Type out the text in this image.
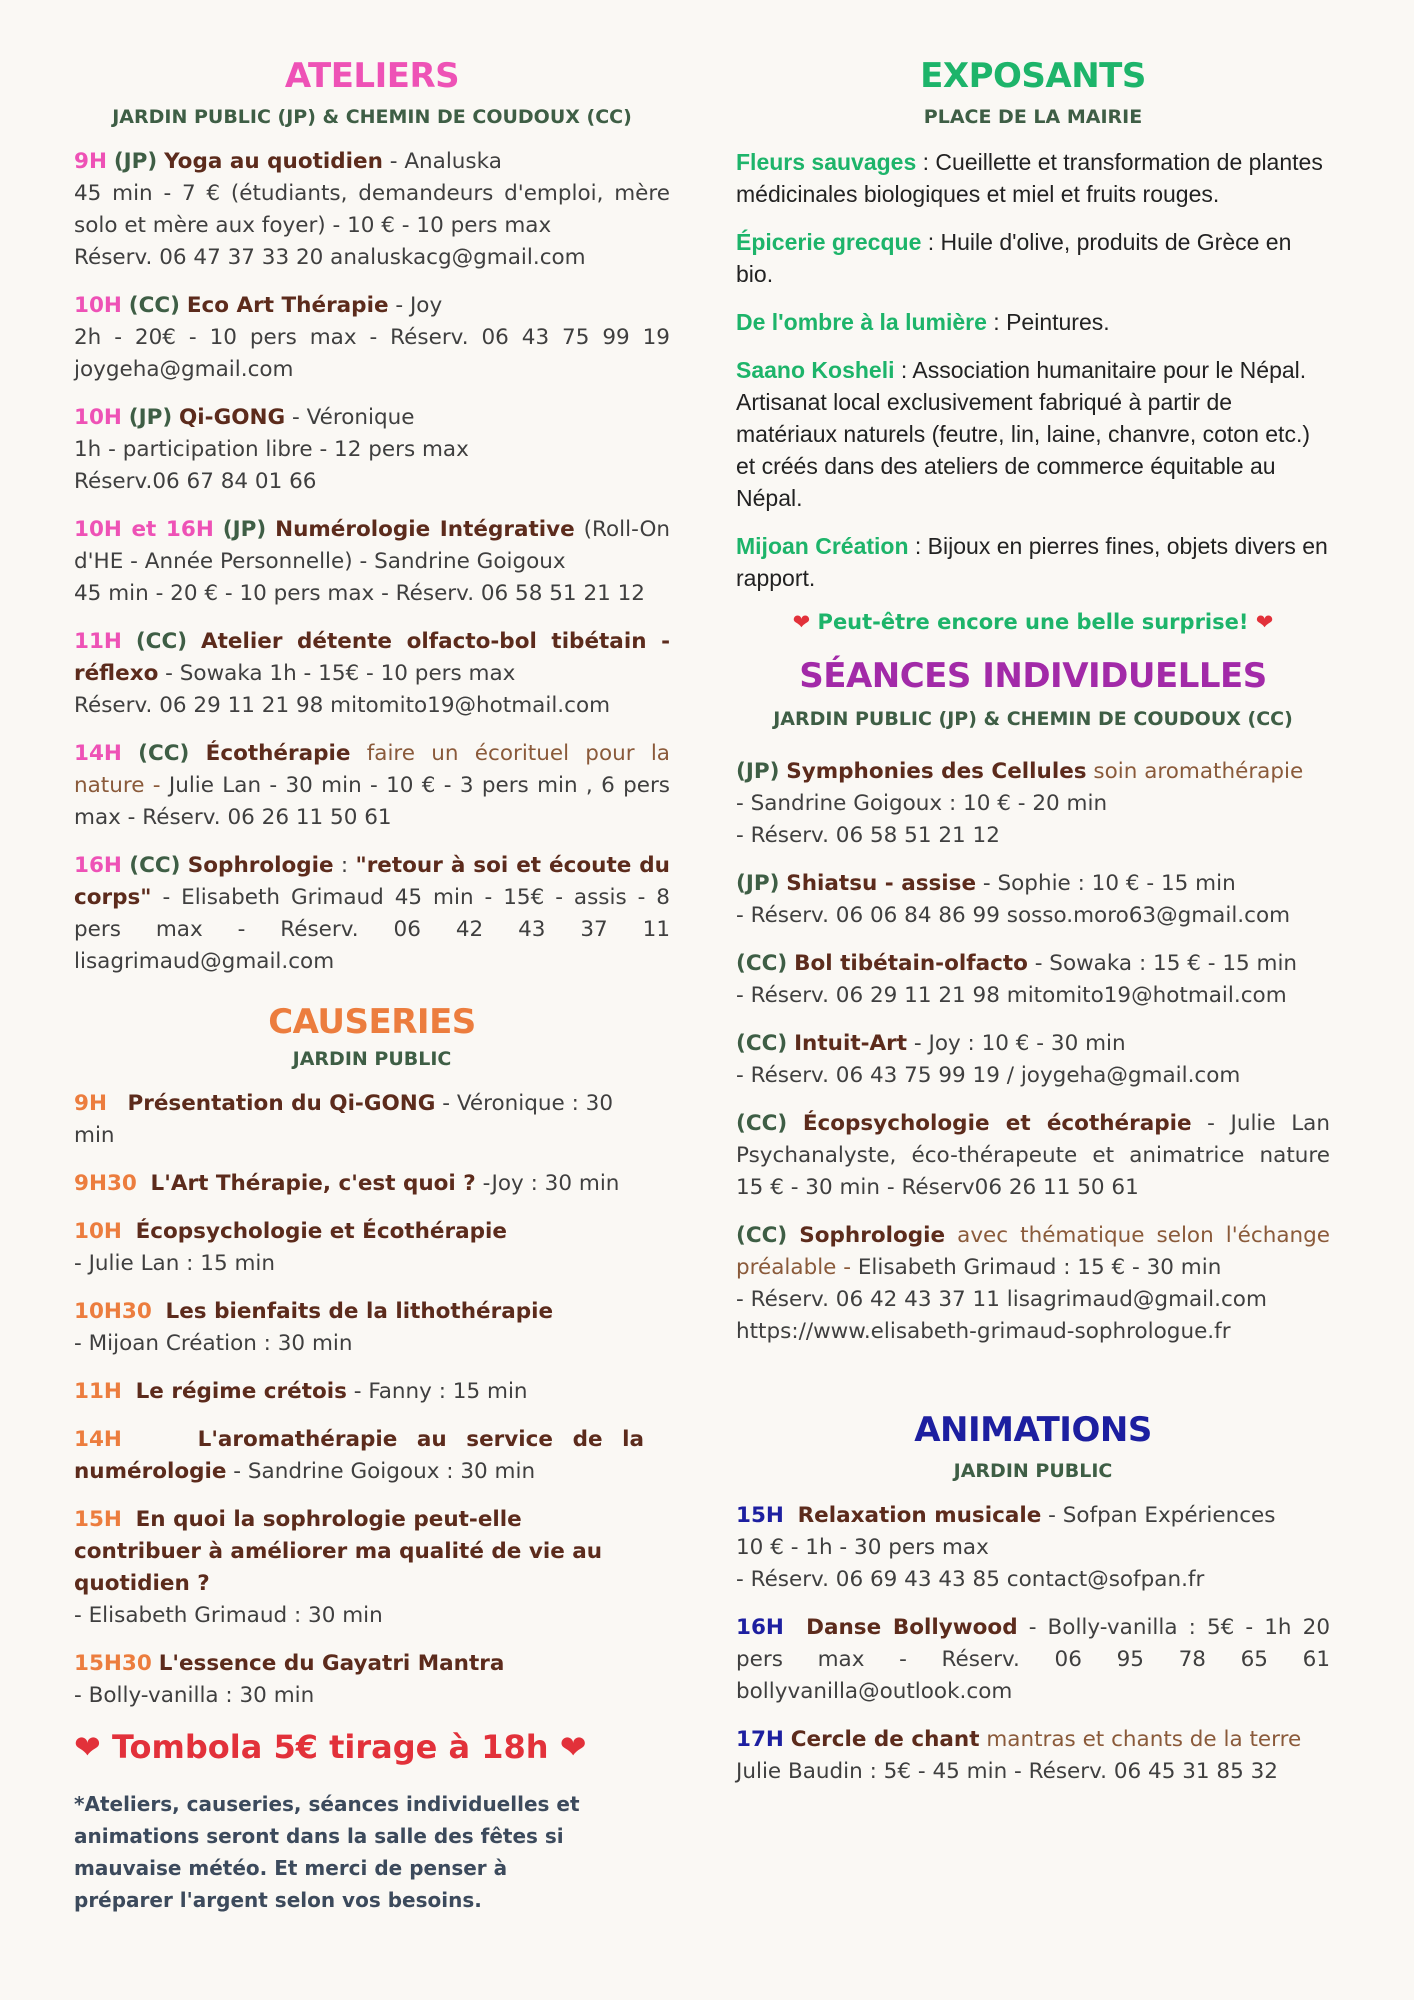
ATELIERS
JARDIN PUBLIC (JP) & CHEMIN DE COUDOUX (CC)
9H (JP) Yoga au quotidien - Analuska
45 min - 7 € (étudiants, demandeurs d'emploi, mère solo et mère aux foyer) - 10 € - 10 pers max
Réserv. 06 47 37 33 20 analuskacg@gmail.com
10H (CC) Eco Art Thérapie - Joy
2h - 20€ - 10 pers max - Réserv. 06 43 75 99 19 joygeha@gmail.com
10H (JP) Qi-GONG - Véronique
1h - participation libre - 12 pers max
Réserv.06 67 84 01 66
10H et 16H (JP) Numérologie Intégrative (Roll-On d'HE - Année Personnelle) - Sandrine Goigoux
45 min - 20 € - 10 pers max - Réserv. 06 58 51 21 12
11H (CC) Atelier détente olfacto-bol tibétain - réflexo - Sowaka 1h - 15€ - 10 pers max
Réserv. 06 29 11 21 98 mitomito19@hotmail.com
14H (CC) Écothérapie faire un écorituel pour la nature - Julie Lan - 30 min - 10 € - 3 pers min , 6 pers max - Réserv. 06 26 11 50 61
16H (CC) Sophrologie : "retour à soi et écoute du corps" - Elisabeth Grimaud 45 min - 15€ - assis - 8 pers max - Réserv. 06 42 43 37 11 lisagrimaud@gmail.com
CAUSERIES
JARDIN PUBLIC
9H Présentation du Qi-GONG - Véronique : 30 min
9H30 L'Art Thérapie, c'est quoi ? -Joy : 30 min
10H Écopsychologie et Écothérapie
- Julie Lan : 15 min
10H30 Les bienfaits de la lithothérapie
- Mijoan Création : 30 min
11H Le régime crétois - Fanny : 15 min
14H	L'aromathérapie au service de la numérologie - Sandrine Goigoux : 30 min
15H En quoi la sophrologie peut-elle contribuer à améliorer ma qualité de vie au quotidien ?
- Elisabeth Grimaud : 30 min
15H30 L'essence du Gayatri Mantra
- Bolly-vanilla : 30 min
❤ Tombola 5€ tirage à 18h ❤
*Ateliers, causeries, séances individuelles et animations seront dans la salle des fêtes si mauvaise météo. Et merci de penser à préparer l'argent selon vos besoins.
EXPOSANTS
PLACE DE LA MAIRIE
Fleurs sauvages : Cueillette et transformation de plantes médicinales biologiques et miel et fruits rouges.
Épicerie grecque : Huile d'olive, produits de Grèce en bio.
De l'ombre à la lumière : Peintures.
Saano Kosheli : Association humanitaire pour le Népal. Artisanat local exclusivement fabriqué à partir de matériaux naturels (feutre, lin, laine, chanvre, coton etc.) et créés dans des ateliers de commerce équitable au Népal.
Mijoan Création : Bijoux en pierres fines, objets divers en rapport.
❤ Peut-être encore une belle surprise! ❤
SÉANCES INDIVIDUELLES
JARDIN PUBLIC (JP) & CHEMIN DE COUDOUX (CC)
(JP) Symphonies des Cellules soin aromathérapie
- Sandrine Goigoux : 10 € - 20 min
- Réserv. 06 58 51 21 12
(JP) Shiatsu - assise - Sophie : 10 € - 15 min
- Réserv. 06 06 84 86 99 sosso.moro63@gmail.com
(CC) Bol tibétain-olfacto - Sowaka : 15 € - 15 min
- Réserv. 06 29 11 21 98 mitomito19@hotmail.com
(CC) Intuit-Art - Joy : 10 € - 30 min
- Réserv. 06 43 75 99 19 / joygeha@gmail.com
(CC) Écopsychologie et écothérapie - Julie Lan Psychanalyste, éco-thérapeute et animatrice nature 15 € - 30 min - Réserv06 26 11 50 61
(CC) Sophrologie avec thématique selon l'échange préalable - Elisabeth Grimaud : 15 € - 30 min
- Réserv. 06 42 43 37 11 lisagrimaud@gmail.com
https://www.elisabeth-grimaud-sophrologue.fr
ANIMATIONS
JARDIN PUBLIC
15H Relaxation musicale - Sofpan Expériences
10 € - 1h - 30 pers max
- Réserv. 06 69 43 43 85 contact@sofpan.fr
16H Danse Bollywood - Bolly-vanilla : 5€ - 1h 20 pers max - Réserv. 06 95 78 65 61 bollyvanilla@outlook.com
17H Cercle de chant mantras et chants de la terre
Julie Baudin : 5€ - 45 min - Réserv. 06 45 31 85 32
